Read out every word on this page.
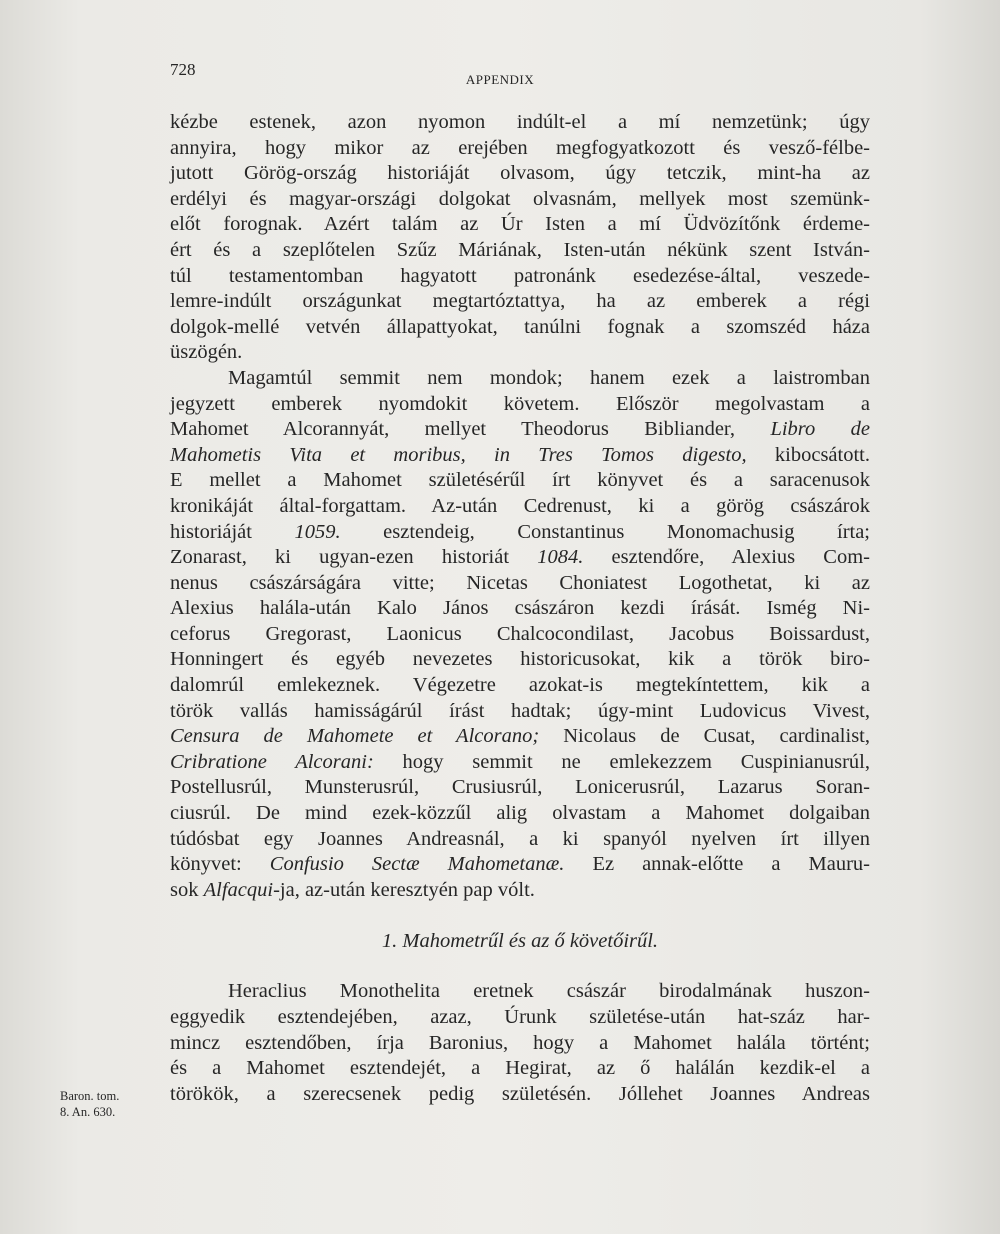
728
APPENDIX
kézbe estenek, azon nyomon indúlt-el a mí nemzetünk; úgy
annyira, hogy mikor az erejében megfogyatkozott és vesző-félbe-
jutott Görög-ország historiáját olvasom, úgy tetczik, mint-ha az
erdélyi és magyar-országi dolgokat olvasnám, mellyek most szemünk-
előt forognak. Azért talám az Úr Isten a mí Üdvözítőnk érdeme-
ért és a szeplőtelen Szűz Máriának, Isten-után nékünk szent István-
túl testamentomban hagyatott patronánk esedezése-által, veszede-
lemre-indúlt országunkat megtartóztattya, ha az emberek a régi
dolgok-mellé vetvén állapattyokat, tanúlni fognak a szomszéd háza
üszögén.
Magamtúl semmit nem mondok; hanem ezek a laistromban
jegyzett emberek nyomdokit követem. Először megolvastam a
Mahomet Alcorannyát, mellyet Theodorus Bibliander, Libro de
Mahometis Vita et moribus, in Tres Tomos digesto, kibocsátott.
E mellet a Mahomet születésérűl írt könyvet és a saracenusok
kronikáját által-forgattam. Az-után Cedrenust, ki a görög császárok
historiáját 1059. esztendeig, Constantinus Monomachusig írta;
Zonarast, ki ugyan-ezen historiát 1084. esztendőre, Alexius Com-
nenus császárságára vitte; Nicetas Choniatest Logothetat, ki az
Alexius halála-után Kalo János császáron kezdi írását. Ismég Ni-
ceforus Gregorast, Laonicus Chalcocondilast, Jacobus Boissardust,
Honningert és egyéb nevezetes historicusokat, kik a török biro-
dalomrúl emlekeznek. Végezetre azokat-is megtekíntettem, kik a
török vallás hamisságárúl írást hadtak; úgy-mint Ludovicus Vivest,
Censura de Mahomete et Alcorano; Nicolaus de Cusat, cardinalist,
Cribratione Alcorani: hogy semmit ne emlekezzem Cuspinianusrúl,
Postellusrúl, Munsterusrúl, Crusiusrúl, Lonicerusrúl, Lazarus Soran-
ciusrúl. De mind ezek-közzűl alig olvastam a Mahomet dolgaiban
túdósbat egy Joannes Andreasnál, a ki spanyól nyelven írt illyen
könyvet: Confusio Sectæ Mahometanæ. Ez annak-előtte a Mauru-
sok Alfacqui-ja, az-után keresztyén pap vólt.
1. Mahometrűl és az ő követőirűl.
Heraclius Monothelita eretnek császár birodalmának huszon-
eggyedik esztendejében, azaz, Úrunk születése-után hat-száz har-
mincz esztendőben, írja Baronius, hogy a Mahomet halála történt;
és a Mahomet esztendejét, a Hegirat, az ő halálán kezdik-el a
törökök, a szerecsenek pedig születésén. Jóllehet Joannes Andreas
Baron. tom.
8. An. 630.
